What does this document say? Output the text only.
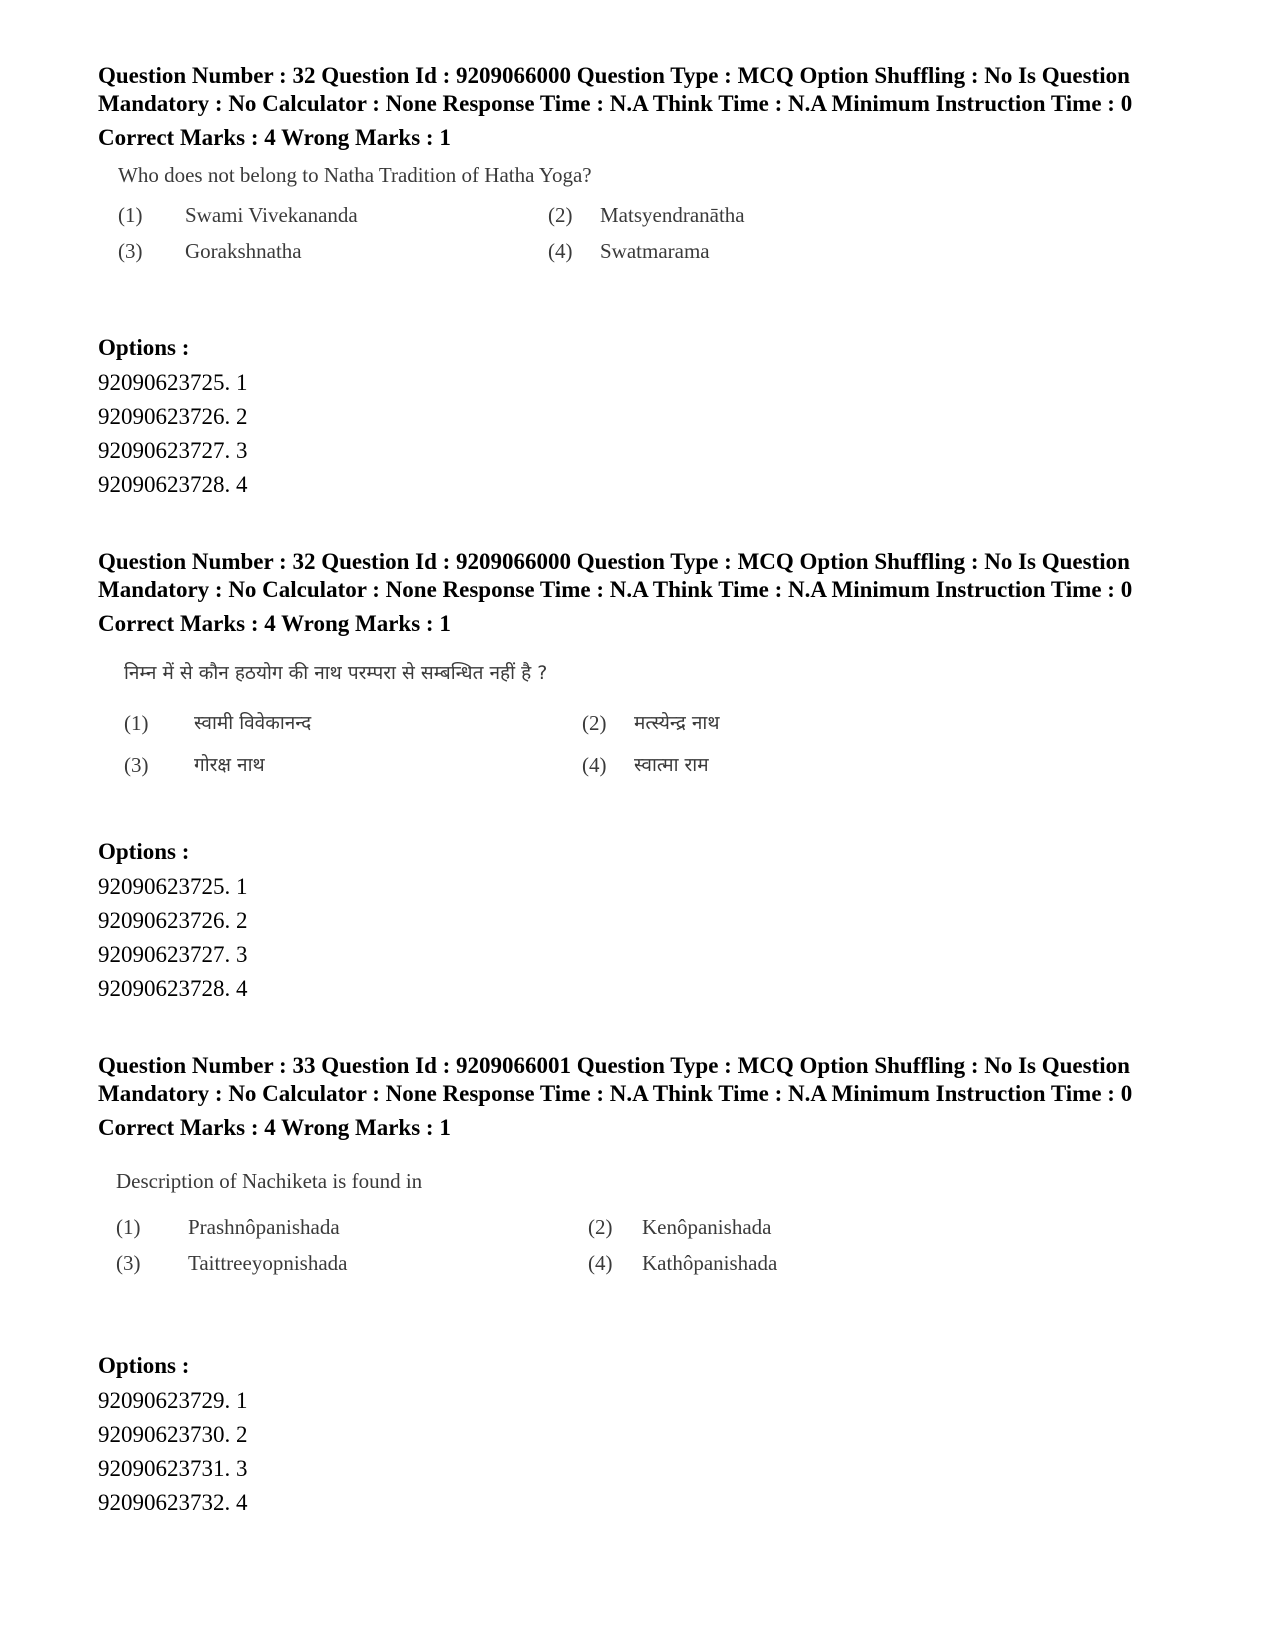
Question Number : 32 Question Id : 9209066000 Question Type : MCQ Option Shuffling : No Is Question Mandatory : No Calculator : None Response Time : N.A Think Time : N.A Minimum Instruction Time : 0

Correct Marks : 4 Wrong Marks : 1
Who does not belong to Natha Tradition of Hatha Yoga?
(1) Swami Vivekananda	(2) Matsyendranātha
(3) Gorakshnatha	(4) Swatmarama
Options :
92090623725. 1
92090623726. 2
92090623727. 3
92090623728. 4

Question Number : 32 Question Id : 9209066000 Question Type : MCQ Option Shuffling : No Is Question Mandatory : No Calculator : None Response Time : N.A Think Time : N.A Minimum Instruction Time : 0

Correct Marks : 4 Wrong Marks : 1
निम्न में से कौन हठयोग की नाथ परम्परा से सम्बन्धित नहीं है ?
(1) स्वामी विवेकानन्द	(2) मत्स्येन्द्र नाथ
(3) गोरक्ष नाथ	(4) स्वात्मा राम
Options :
92090623725. 1
92090623726. 2
92090623727. 3
92090623728. 4

Question Number : 33 Question Id : 9209066001 Question Type : MCQ Option Shuffling : No Is Question Mandatory : No Calculator : None Response Time : N.A Think Time : N.A Minimum Instruction Time : 0

Correct Marks : 4 Wrong Marks : 1
Description of Nachiketa is found in
(1) Prashnôpanishada	(2) Kenôpanishada
(3) Taittreeyopnishada	(4) Kathôpanishada
Options :
92090623729. 1
92090623730. 2
92090623731. 3
92090623732. 4
